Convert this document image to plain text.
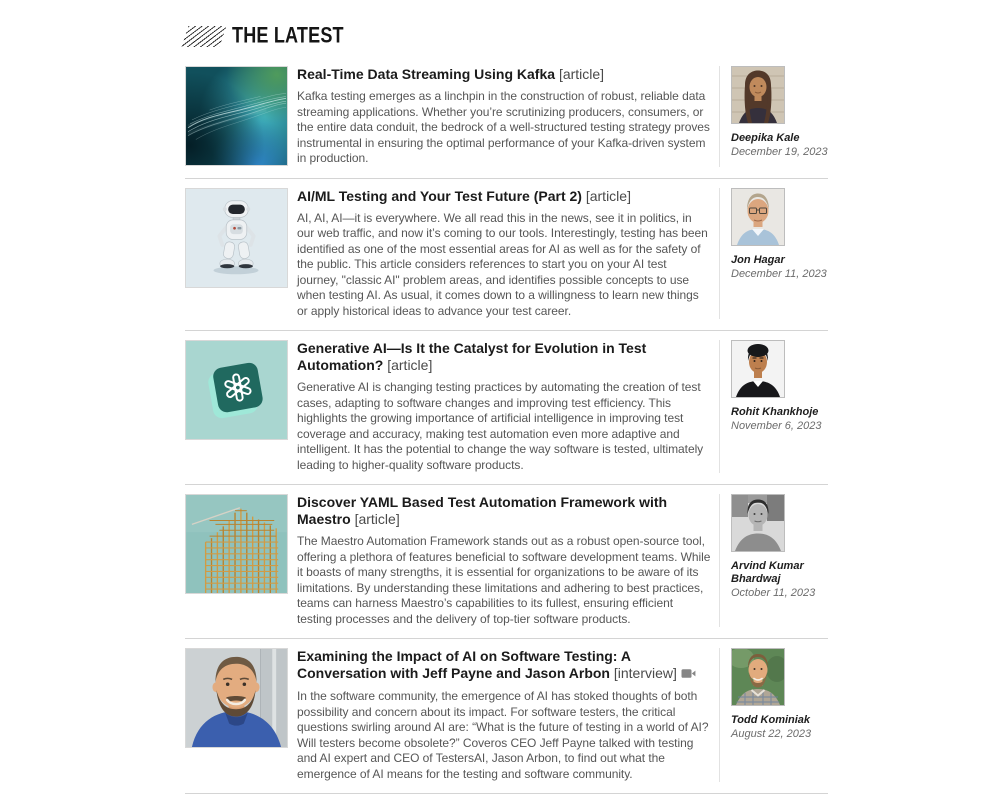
THE LATEST
Real-Time Data Streaming Using Kafka [article]

Kafka testing emerges as a linchpin in the construction of robust, reliable data streaming applications. Whether you’re scrutinizing producers, consumers, or the entire data conduit, the bedrock of a well-structured testing strategy proves instrumental in ensuring the optimal performance of your Kafka-driven system in production.

Deepika Kale
December 19, 2023
AI/ML Testing and Your Test Future (Part 2) [article]

AI, AI, AI—it is everywhere. We all read this in the news, see it in politics, in our web traffic, and now it’s coming to our tools. Interestingly, testing has been identified as one of the most essential areas for AI as well as for the safety of the public. This article considers references to start you on your AI test journey, "classic AI" problem areas, and identifies possible concepts to use when testing AI. As usual, it comes down to a willingness to learn new things or apply historical ideas to advance your test career.

Jon Hagar
December 11, 2023
Generative AI—Is It the Catalyst for Evolution in Test Automation? [article]

Generative AI is changing testing practices by automating the creation of test cases, adapting to software changes and improving test efficiency. This highlights the growing importance of artificial intelligence in improving test coverage and accuracy, making test automation even more adaptive and intelligent. It has the potential to change the way software is tested, ultimately leading to higher-quality software products.

Rohit Khankhoje
November 6, 2023
Discover YAML Based Test Automation Framework with Maestro [article]

The Maestro Automation Framework stands out as a robust open-source tool, offering a plethora of features beneficial to software development teams. While it boasts of many strengths, it is essential for organizations to be aware of its limitations. By understanding these limitations and adhering to best practices, teams can harness Maestro’s capabilities to its fullest, ensuring efficient testing processes and the delivery of top-tier software products.

Arvind Kumar Bhardwaj
October 11, 2023
Examining the Impact of AI on Software Testing: A Conversation with Jeff Payne and Jason Arbon [interview]

In the software community, the emergence of AI has stoked thoughts of both possibility and concern about its impact. For software testers, the critical questions swirling around AI are: “What is the future of testing in a world of AI? Will testers become obsolete?” Coveros CEO Jeff Payne talked with testing and AI expert and CEO of TestersAI, Jason Arbon, to find out what the emergence of AI means for the testing and software community.

Todd Kominiak
August 22, 2023
